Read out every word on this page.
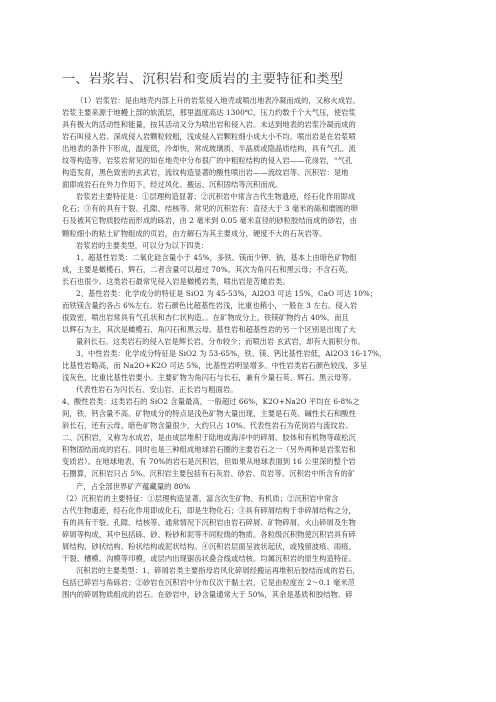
一、岩浆岩、沉积岩和变质岩的主要特征和类型
（1）岩浆岩：是由地壳内部上升的岩浆侵入地壳或喷出地表冷凝而成的，又称火成岩。
岩浆主要来源于地幔上部的软流层，那里温度高达 1300℃，压力约数千个大气压，使岩浆
具有极大的活动性和能量，按其活动又分为喷出岩和侵入岩。未达到地表的岩浆冷凝而成的
岩石叫侵入岩。深成侵入岩颗粒较粗，浅成侵入岩颗粒细小成大小不均。喷出岩是在岩浆喷
出地表的条件下形成，温度低，冷却快，常成玻璃质、半晶质或隐晶质结构，具有气孔、流
纹等构造等。岩浆岩常见的如在地壳中分布很广的中粗粒结构的侵入岩——花岗岩，“气孔
构造发育，黑色致密的玄武岩，流纹构造显著的酸性喷出岩——流纹岩等。沉积岩：是地
面即成岩石在外力作用下，经过风化、搬运、沉积固结等沉积而成。
岩浆岩主要特征是：①层理构造显著；②沉积岩中常含古代生物遗迹，经石化作用即成
化石；③有的具有干裂、孔隙、结核等。常见的沉积岩有：直径大于 3 毫米的砾和磨圆的卵
石及被其它物质胶结而形成的砾岩，由 2 毫米到 0.05 毫米直径的砂粒胶结而成的砂岩，由
颗粒细小的粘土矿物组成的页岩，由方解石为其主要成分，硬度不大的石灰岩等。
岩浆岩的主要类型，可以分为以下四类：
1、超基性岩类：二氧化硅含量小于 45%，多铁、镁而少钾、钠，基本上由暗色矿物组
成，主要是橄榄石、辉石，二者含量可以超过 70%。其次为角闪石和黑云母；不含石英，
长石也很少。这类岩石最常见侵入岩是橄榄岩类，喷出岩是苦橄岩类。
2、基性岩类：化学成分的特征是 SiO2 为 45-53%，Al2O3 可达 15%，CaO 可达 10%；
而铁镁含量约各占 6%左右。岩石颜色比超基性岩浅，比重也稍小，一般在 3 左右。侵入岩
很致密，喷出岩常具有气孔状和杏仁状构造。。在矿物成分上，铁镁矿物约占 40%，而且
以辉石为主，其次是橄榄石、角闪石和黑云母。基性岩和超基性岩的另一个区别是出现了大
量斜长石。这类岩石的侵入岩是辉长岩，分布较少；而喷出岩 玄武岩，却有大面积分布。
3、中性岩类：化学成分特征是 SiO2 为 53-65%，铁、镁、钙比基性岩低，Al2O3 16-17%，
比基性岩略高，而 Na2O+K2O 可达 5%，比基性岩明显增多。中性岩类岩石颜色较浅，多呈
浅灰色，比重比基性岩要小。主要矿物为角闪石与长石，兼有少量石英、辉石、黑云母等。
代表性岩石为闪长石、安山岩、正长岩与粗面岩。
4、酸性岩类：这类岩石的 SiO2 含量最高，一般超过 66%，K2O+Na2O 平均在 6-8%之
间，铁、钙含量不高。矿物成分的特点是浅色矿物大量出现，主要是石英、碱性长石和酸性
斜长石，还有云母。暗色矿物含量很少，大约只占 10%。代表性岩石为花岗岩与流纹岩。
二、沉积岩，又称为水成岩，是由成层堆积于陆地或海洋中的碎屑、胶体和有机物等疏松沉
积物固结而成的岩石。同时也是三种组成地球岩石圈的主要岩石之一（另外两种是岩浆岩和
变质岩）。在地球地表，有 70%的岩石是沉积岩，但如果从地球表面到 16 公里深的整个岩
石圈算，沉积岩只占 5%。沉积岩主要包括有石灰岩、砂岩、页岩等。沉积岩中所含有的矿
产，占全部世界矿产蕴藏量的 80%
（2）沉积岩的主要特征：①层理构造显著，富含次生矿物、有机质；②沉积岩中常含
古代生物遗迹，经石化作用即成化石，即是生物化石；③具有碎屑结构于非碎屑结构之分，
有的具有干裂、孔隙、结核等。通常情况下沉积岩由岩石碎屑、矿物碎屑、火山碎屑及生物
碎屑等构成，其中包括砾、砂、粉砂和泥等不同粒级的物质。各粒级沉积物使沉积岩具有碎
屑结构、砂状结构、粉状结构或泥状结构。④沉积岩层面呈波状起伏，或残留波痕、雨痕、
干裂、槽模、沟模等印模，或层内出现锯齿状叠合线或结核。均属沉积岩的原生构造特征。
沉积岩的主要类型：1、碎屑岩类主要指母岩风化碎屑经搬运再堆积后胶结而成的岩石，
包括已碎岩与角砾岩；②砂岩在沉积岩中分布仅次于黏土岩，它是由粒度在 2～0.1 毫米范
围内的碎屑物质组成的岩石。在砂岩中，砂含量通常大于 50%，其余是基质和胶结物。碎
